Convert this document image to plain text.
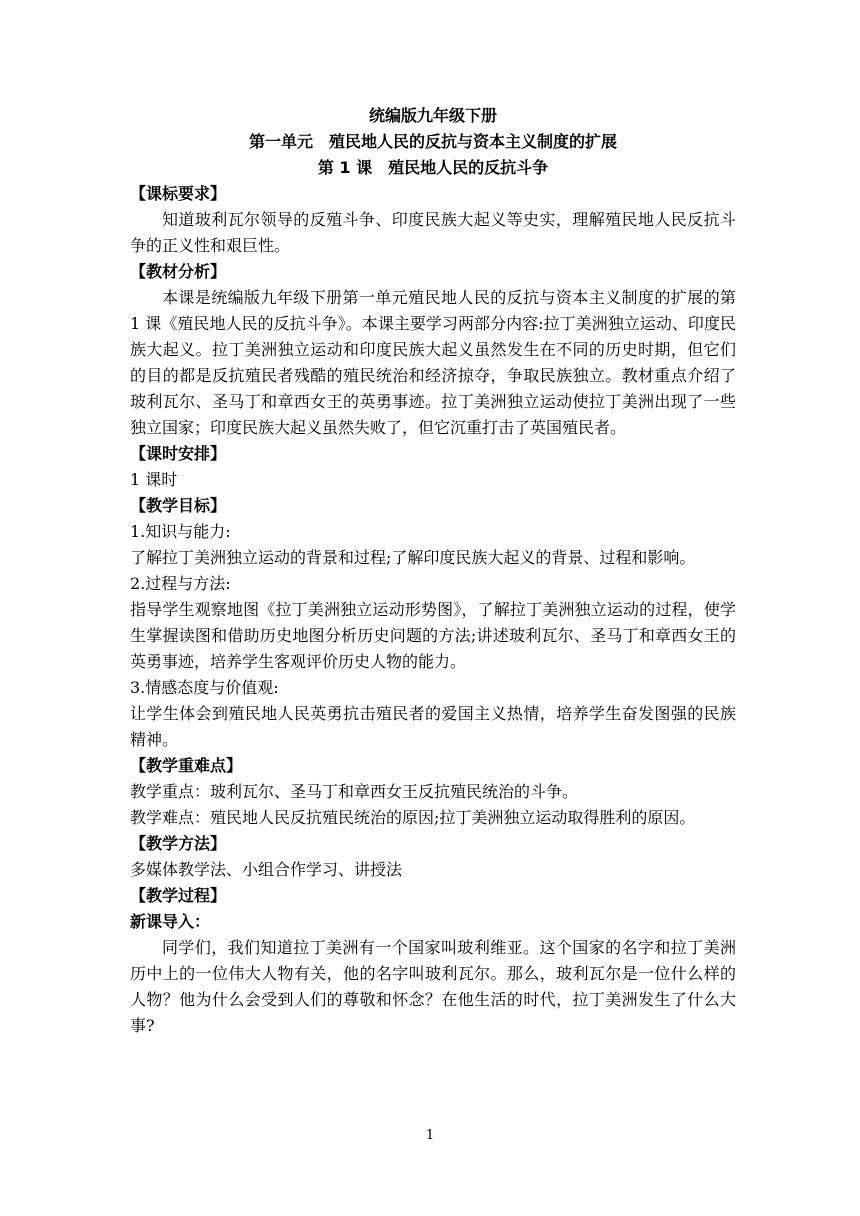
统编版九年级下册

第一单元　殖民地人民的反抗与资本主义制度的扩展

第 1 课　殖民地人民的反抗斗争

【课标要求】

知道玻利瓦尔领导的反殖斗争、印度民族大起义等史实，理解殖民地人民反抗斗争的正义性和艰巨性。

【教材分析】

本课是统编版九年级下册第一单元殖民地人民的反抗与资本主义制度的扩展的第 1 课《殖民地人民的反抗斗争》。本课主要学习两部分内容:拉丁美洲独立运动、印度民族大起义。拉丁美洲独立运动和印度民族大起义虽然发生在不同的历史时期，但它们的目的都是反抗殖民者残酷的殖民统治和经济掠夺，争取民族独立。教材重点介绍了玻利瓦尔、圣马丁和章西女王的英勇事迹。拉丁美洲独立运动使拉丁美洲出现了一些独立国家；印度民族大起义虽然失败了，但它沉重打击了英国殖民者。

【课时安排】

1 课时

【教学目标】

1.知识与能力:

了解拉丁美洲独立运动的背景和过程;了解印度民族大起义的背景、过程和影响。

2.过程与方法:

指导学生观察地图《拉丁美洲独立运动形势图》，了解拉丁美洲独立运动的过程，使学生掌握读图和借助历史地图分析历史问题的方法;讲述玻利瓦尔、圣马丁和章西女王的英勇事迹，培养学生客观评价历史人物的能力。

3.情感态度与价值观:

让学生体会到殖民地人民英勇抗击殖民者的爱国主义热情，培养学生奋发图强的民族精神。

【教学重难点】

教学重点：玻利瓦尔、圣马丁和章西女王反抗殖民统治的斗争。

教学难点：殖民地人民反抗殖民统治的原因;拉丁美洲独立运动取得胜利的原因。

【教学方法】

多媒体教学法、小组合作学习、讲授法

【教学过程】

新课导入：

同学们，我们知道拉丁美洲有一个国家叫玻利维亚。这个国家的名字和拉丁美洲历中上的一位伟大人物有关，他的名字叫玻利瓦尔。那么，玻利瓦尔是一位什么样的人物？他为什么会受到人们的尊敬和怀念？在他生活的时代，拉丁美洲发生了什么大事?

1
